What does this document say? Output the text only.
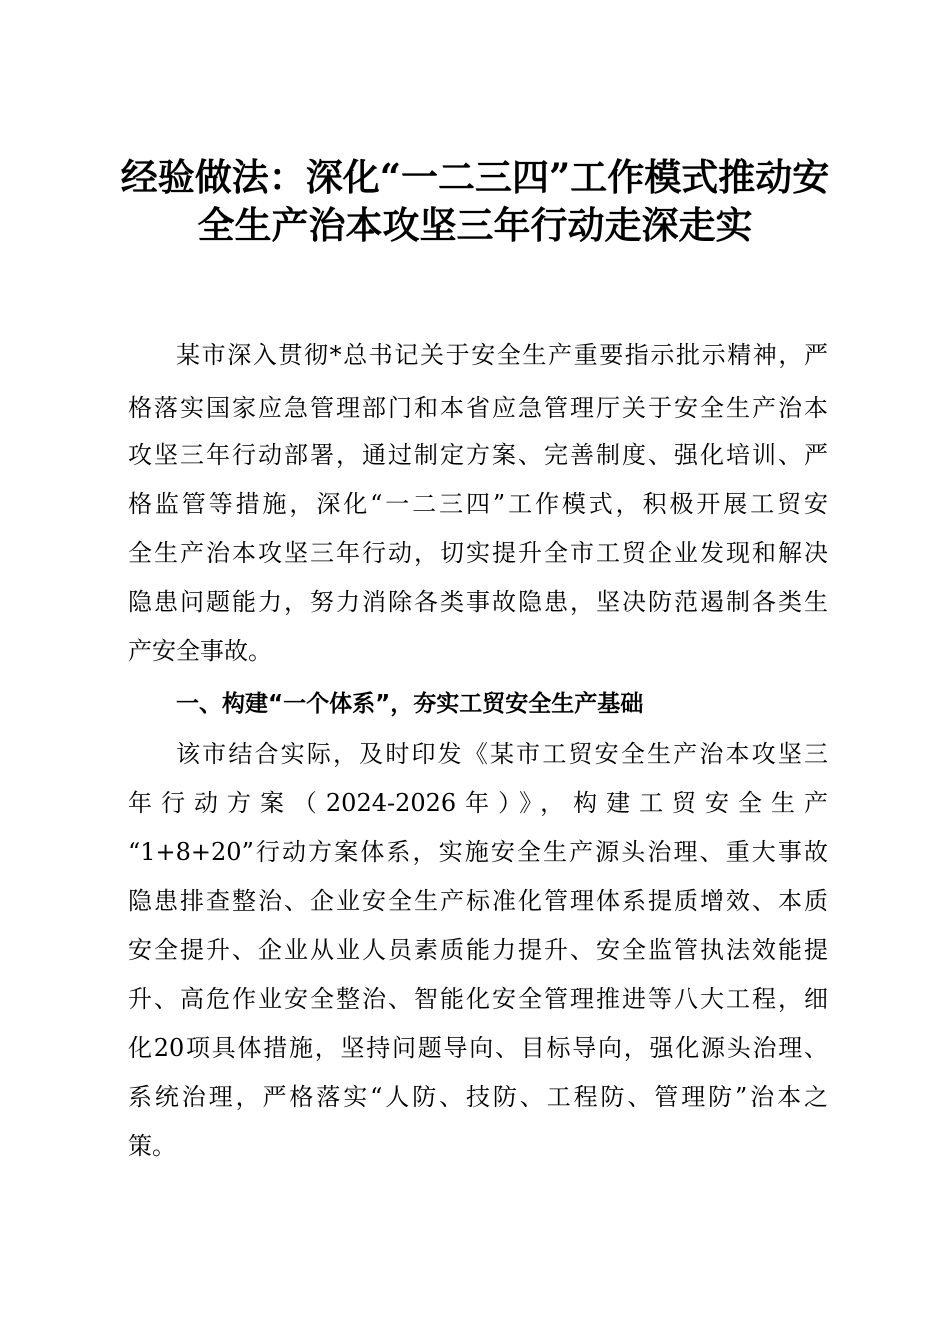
经验做法：深化“一二三四”工作模式推动安
全生产治本攻坚三年行动走深走实
某市深入贯彻*总书记关于安全生产重要指示批示精神，严
格落实国家应急管理部门和本省应急管理厅关于安全生产治本
攻坚三年行动部署，通过制定方案、完善制度、强化培训、严
格监管等措施，深化“一二三四”工作模式，积极开展工贸安
全生产治本攻坚三年行动，切实提升全市工贸企业发现和解决
隐患问题能力，努力消除各类事故隐患，坚决防范遏制各类生
产安全事故。
一、构建“一个体系”，夯实工贸安全生产基础
该市结合实际，及时印发《某市工贸安全生产治本攻坚三
年行动方案（2024-2026年）》，构建工贸安全生产
“1+8+20”行动方案体系，实施安全生产源头治理、重大事故
隐患排查整治、企业安全生产标准化管理体系提质增效、本质
安全提升、企业从业人员素质能力提升、安全监管执法效能提
升、高危作业安全整治、智能化安全管理推进等八大工程，细
化20项具体措施，坚持问题导向、目标导向，强化源头治理、
系统治理，严格落实“人防、技防、工程防、管理防”治本之
策。
